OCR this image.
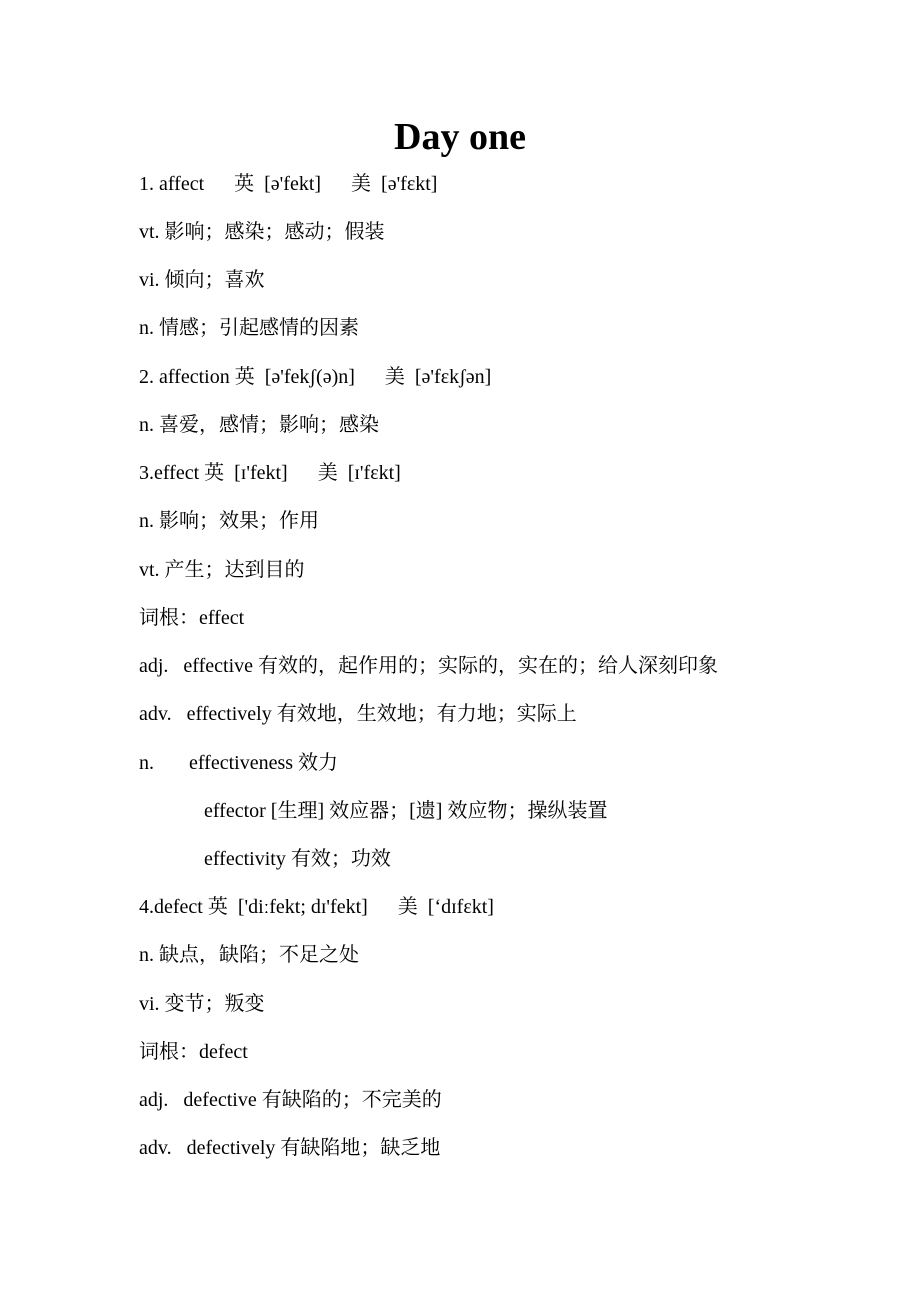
Day one
1. affect      英  [ə'fekt]      美  [ə'fɛkt]
vt. 影响；感染；感动；假装
vi. 倾向；喜欢
n. 情感；引起感情的因素
2. affection 英  [ə'fekʃ(ə)n]      美  [ə'fɛkʃən]
n. 喜爱，感情；影响；感染
3.effect 英  [ɪ'fekt]      美  [ɪ'fɛkt]
n. 影响；效果；作用
vt. 产生；达到目的
词根：effect
adj.   effective 有效的，起作用的；实际的，实在的；给人深刻印象
adv.   effectively 有效地，生效地；有力地；实际上
n.       effectiveness 效力
effector [生理] 效应器；[遗] 效应物；操纵装置
effectivity 有效；功效
4.defect 英  ['diːfekt; dɪ'fekt]      美  [‘dɪfɛkt]
n. 缺点，缺陷；不足之处
vi. 变节；叛变
词根：defect
adj.   defective 有缺陷的；不完美的
adv.   defectively 有缺陷地；缺乏地
